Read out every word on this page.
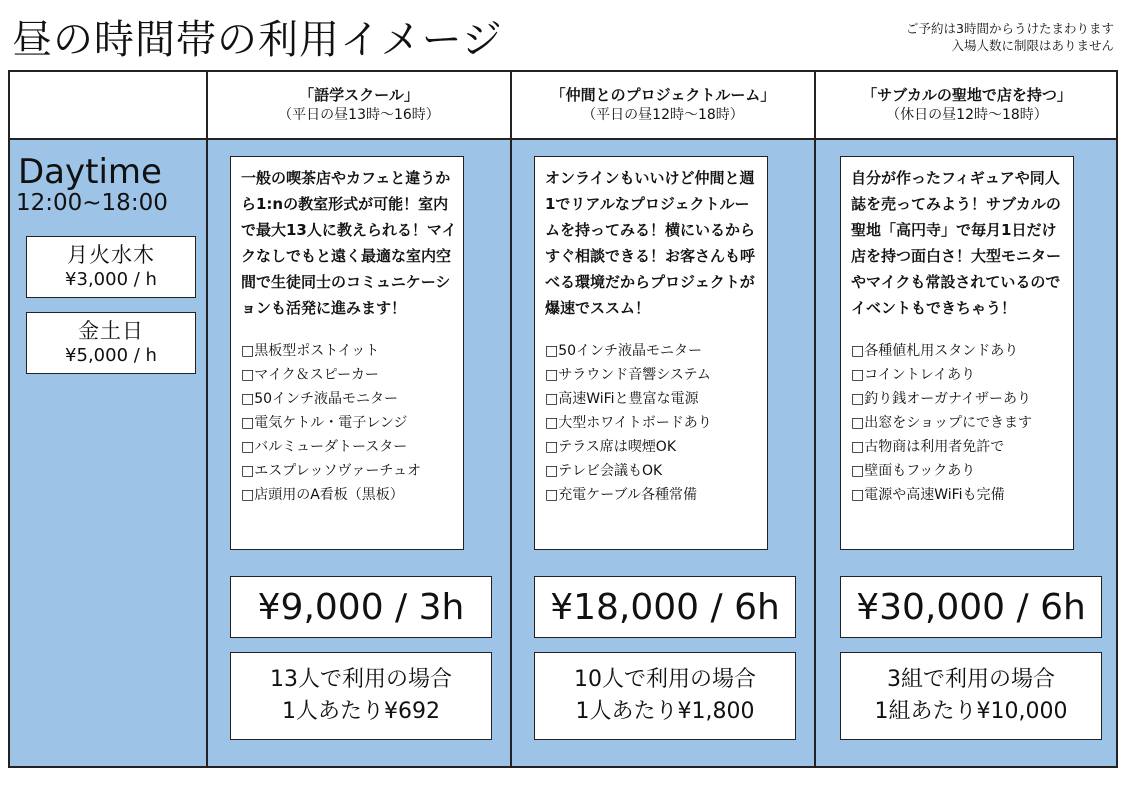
昼の時間帯の利用イメージ	ご予約は3時間からうけたまわります
入場人数に制限はありません
Daytime
12:00~18:00
月火水木
¥3,000 / h
金土日
¥5,000 / h
一般の喫茶店やカフェと違うから1:nの教室形式が可能！室内で最大13人に教えられる！マイクなしでもと遠く最適な室内空間で生徒同士のコミュニケーションも活発に進みます！
□黒板型ポストイット
□マイク＆スピーカー
□50インチ液晶モニター
□電気ケトル・電子レンジ
□バルミューダトースター
□エスプレッソヴァーチュオ
□店頭用のA看板（黒板）
¥9,000 / 3h
13人で利用の場合
1人あたり¥692
オンラインもいいけど仲間と週1でリアルなプロジェクトルームを持ってみる！横にいるからすぐ相談できる！お客さんも呼べる環境だからプロジェクトが爆速でススム！
□50インチ液晶モニター
□サラウンド音響システム
□高速WiFiと豊富な電源
□大型ホワイトボードあり
□テラス席は喫煙OK
□テレビ会議もOK
□充電ケーブル各種常備
¥18,000 / 6h
10人で利用の場合
1人あたり¥1,800
自分が作ったフィギュアや同人誌を売ってみよう！サブカルの聖地「高円寺」で毎月1日だけ店を持つ面白さ！大型モニターやマイクも常設されているのでイベントもできちゃう！
□各種値札用スタンドあり
□コイントレイあり
□釣り銭オーガナイザーあり
□出窓をショップにできます
□古物商は利用者免許で
□壁面もフックあり
□電源や高速WiFiも完備
¥30,000 / 6h
3組で利用の場合
1組あたり¥10,000
「語学スクール」
（平日の昼13時～16時）
「仲間とのプロジェクトルーム」
（平日の昼12時～18時）
「サブカルの聖地で店を持つ」
（休日の昼12時～18時）
